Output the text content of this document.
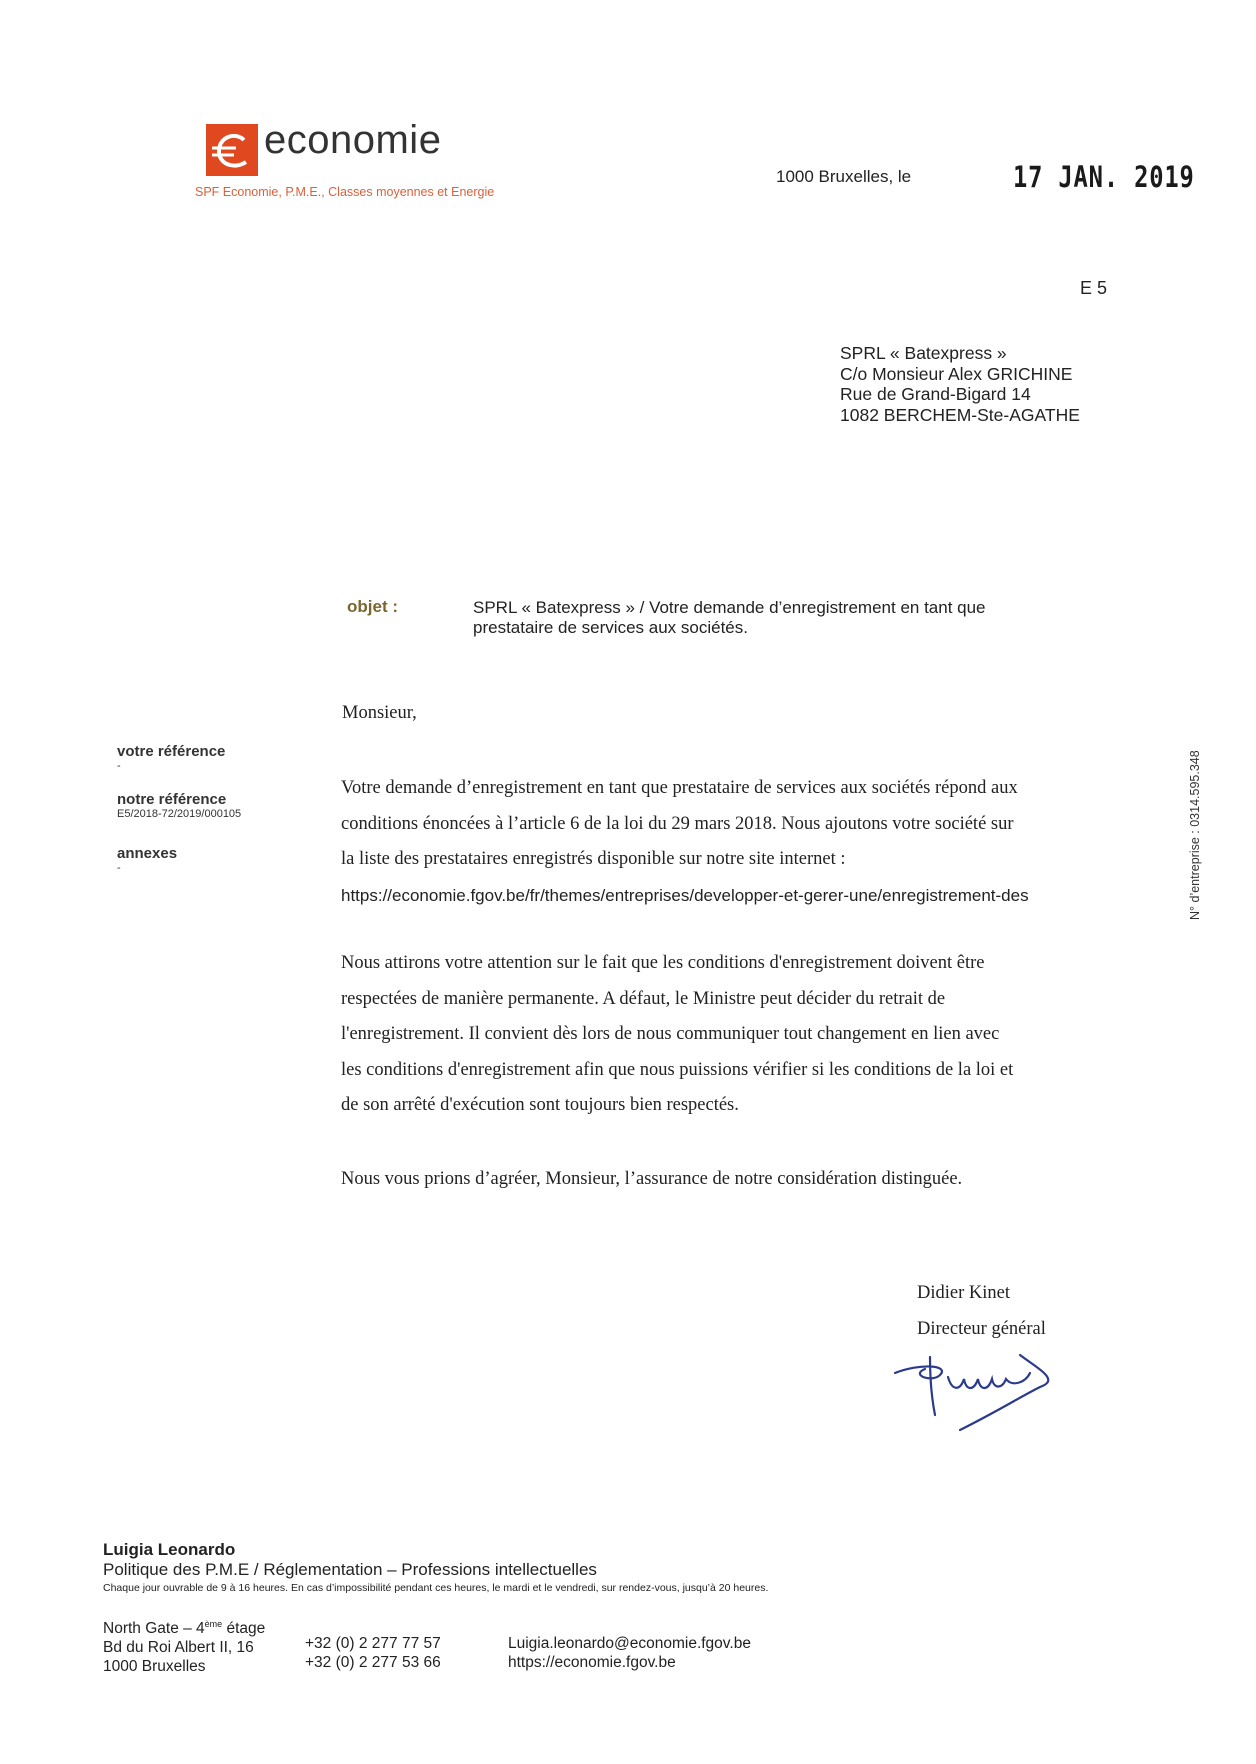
economie
SPF Economie, P.M.E., Classes moyennes et Energie
1000 Bruxelles, le	17 JAN. 2019
E 5
SPRL « Batexpress »
C/o Monsieur Alex GRICHINE
Rue de Grand-Bigard 14
1082 BERCHEM-Ste-AGATHE
objet :	SPRL « Batexpress » / Votre demande d’enregistrement en tant que prestataire de services aux sociétés.
Monsieur,
votre référence
-
notre référence
E5/2018-72/2019/000105
annexes
-

Votre demande d’enregistrement en tant que prestataire de services aux sociétés répond aux

conditions énoncées à l’article 6 de la loi du 29 mars 2018. Nous ajoutons votre société sur

la liste des prestataires enregistrés disponible sur notre site internet :

https://economie.fgov.be/fr/themes/entreprises/developper-et-gerer-une/enregistrement-des

Nous attirons votre attention sur le fait que les conditions d'enregistrement doivent être

respectées de manière permanente. A défaut, le Ministre peut décider du retrait de

l'enregistrement. Il convient dès lors de nous communiquer tout changement en lien avec

les conditions d'enregistrement afin que nous puissions vérifier si les conditions de la loi et

de son arrêté d'exécution sont toujours bien respectés.

Nous vous prions d’agréer, Monsieur, l’assurance de notre considération distinguée.

Didier Kinet
Directeur général
N° d’entreprise : 0314.595.348
Luigia Leonardo
Politique des P.M.E / Réglementation – Professions intellectuelles
Chaque jour ouvrable de 9 à 16 heures. En cas d’impossibilité pendant ces heures, le mardi et le vendredi, sur rendez-vous, jusqu’à 20 heures.
North Gate – 4ème étage
Bd du Roi Albert II, 16
1000 Bruxelles
+32 (0) 2 277 77 57
+32 (0) 2 277 53 66
Luigia.leonardo@economie.fgov.be
https://economie.fgov.be
